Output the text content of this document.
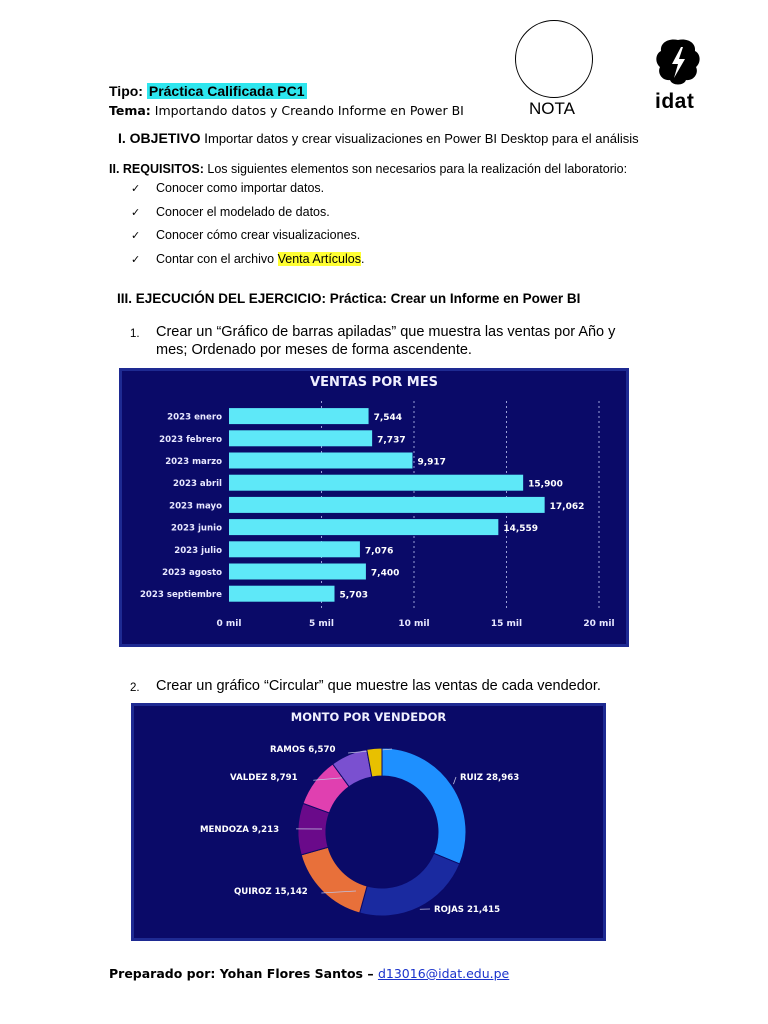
Tipo: Práctica Calificada PC1
Tema: Importando datos y Creando Informe en Power BI	NOTA	idat
I. OBJETIVO Importar datos y crear visualizaciones en Power BI Desktop para el análisis
II. REQUISITOS: Los siguientes elementos son necesarios para la realización del laboratorio:
✓ Conocer como importar datos.
✓ Conocer el modelado de datos.
✓ Conocer cómo crear visualizaciones.
✓ Contar con el archivo Venta Artículos.
III. EJECUCIÓN DEL EJERCICIO: Práctica: Crear un Informe en Power BI
1. Crear un “Gráfico de barras apiladas” que muestra las ventas por Año y mes; Ordenado por meses de forma ascendente.
VENTAS POR MES
0 mil	5 mil	10 mil	15 mil	20 mil
2023 enero	7,544
2023 febrero	7,737
2023 marzo	9,917
2023 abril	15,900
2023 mayo	17,062
2023 junio	14,559
2023 julio	7,076
2023 agosto	7,400
2023 septiembre	5,703
2. Crear un gráfico “Circular” que muestre las ventas de cada vendedor.
MONTO POR VENDEDOR
RUIZ 28,963
ROJAS 21,415
QUIROZ 15,142
MENDOZA 9,213
VALDEZ 8,791
RAMOS 6,570
Preparado por: Yohan Flores Santos – d13016@idat.edu.pe
